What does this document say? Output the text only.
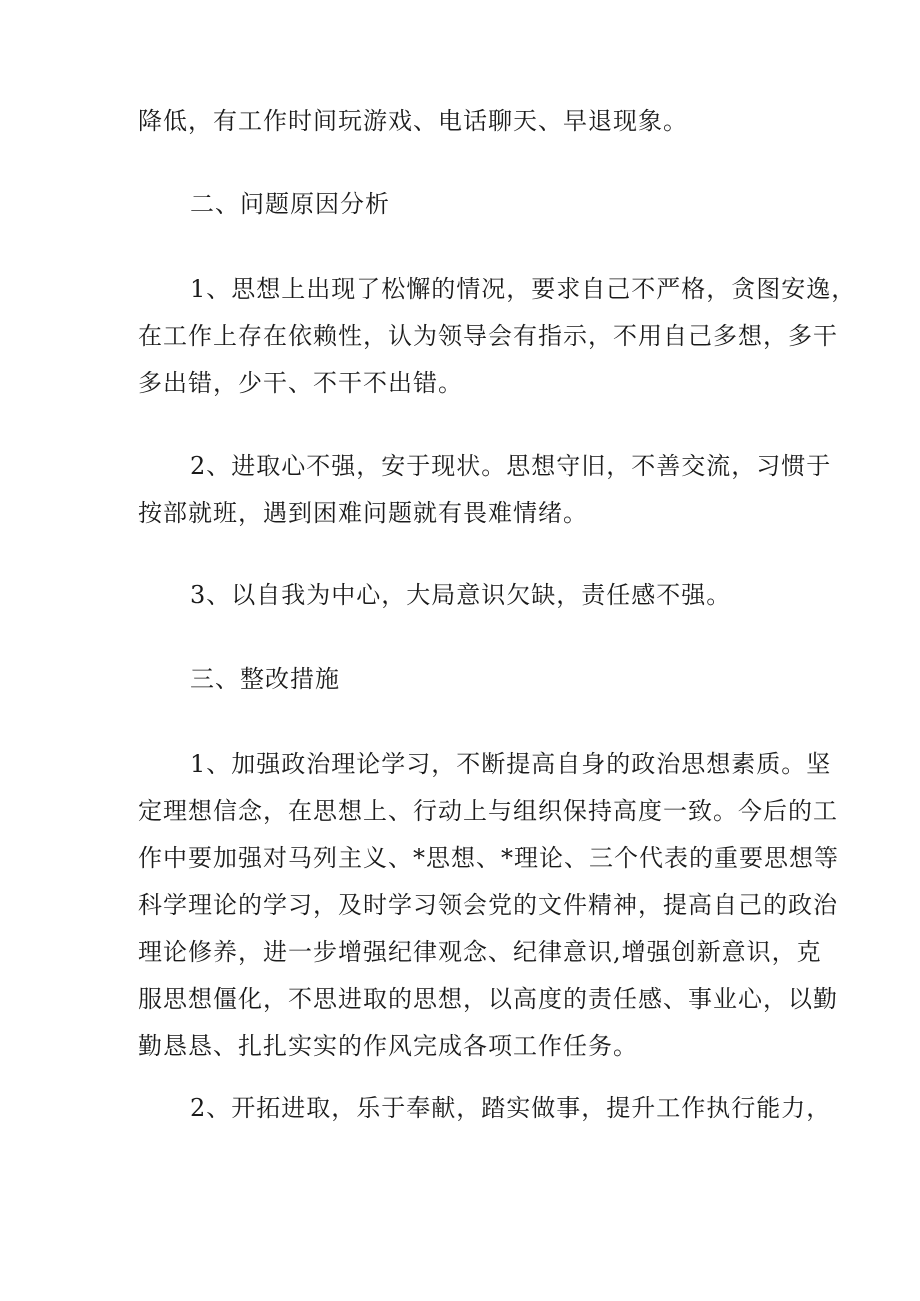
降低，有工作时间玩游戏、电话聊天、早退现象。
二、问题原因分析
1、思想上出现了松懈的情况，要求自己不严格，贪图安逸，
在工作上存在依赖性，认为领导会有指示，不用自己多想，多干
多出错，少干、不干不出错。
2、进取心不强，安于现状。思想守旧，不善交流，习惯于
按部就班，遇到困难问题就有畏难情绪。
3、以自我为中心，大局意识欠缺，责任感不强。
三、整改措施
1、加强政治理论学习，不断提高自身的政治思想素质。坚
定理想信念，在思想上、行动上与组织保持高度一致。今后的工
作中要加强对马列主义、*思想、*理论、三个代表的重要思想等
科学理论的学习，及时学习领会党的文件精神，提高自己的政治
理论修养，进一步增强纪律观念、纪律意识,增强创新意识，克
服思想僵化，不思进取的思想，以高度的责任感、事业心，以勤
勤恳恳、扎扎实实的作风完成各项工作任务。
2、开拓进取，乐于奉献，踏实做事，提升工作执行能力，
